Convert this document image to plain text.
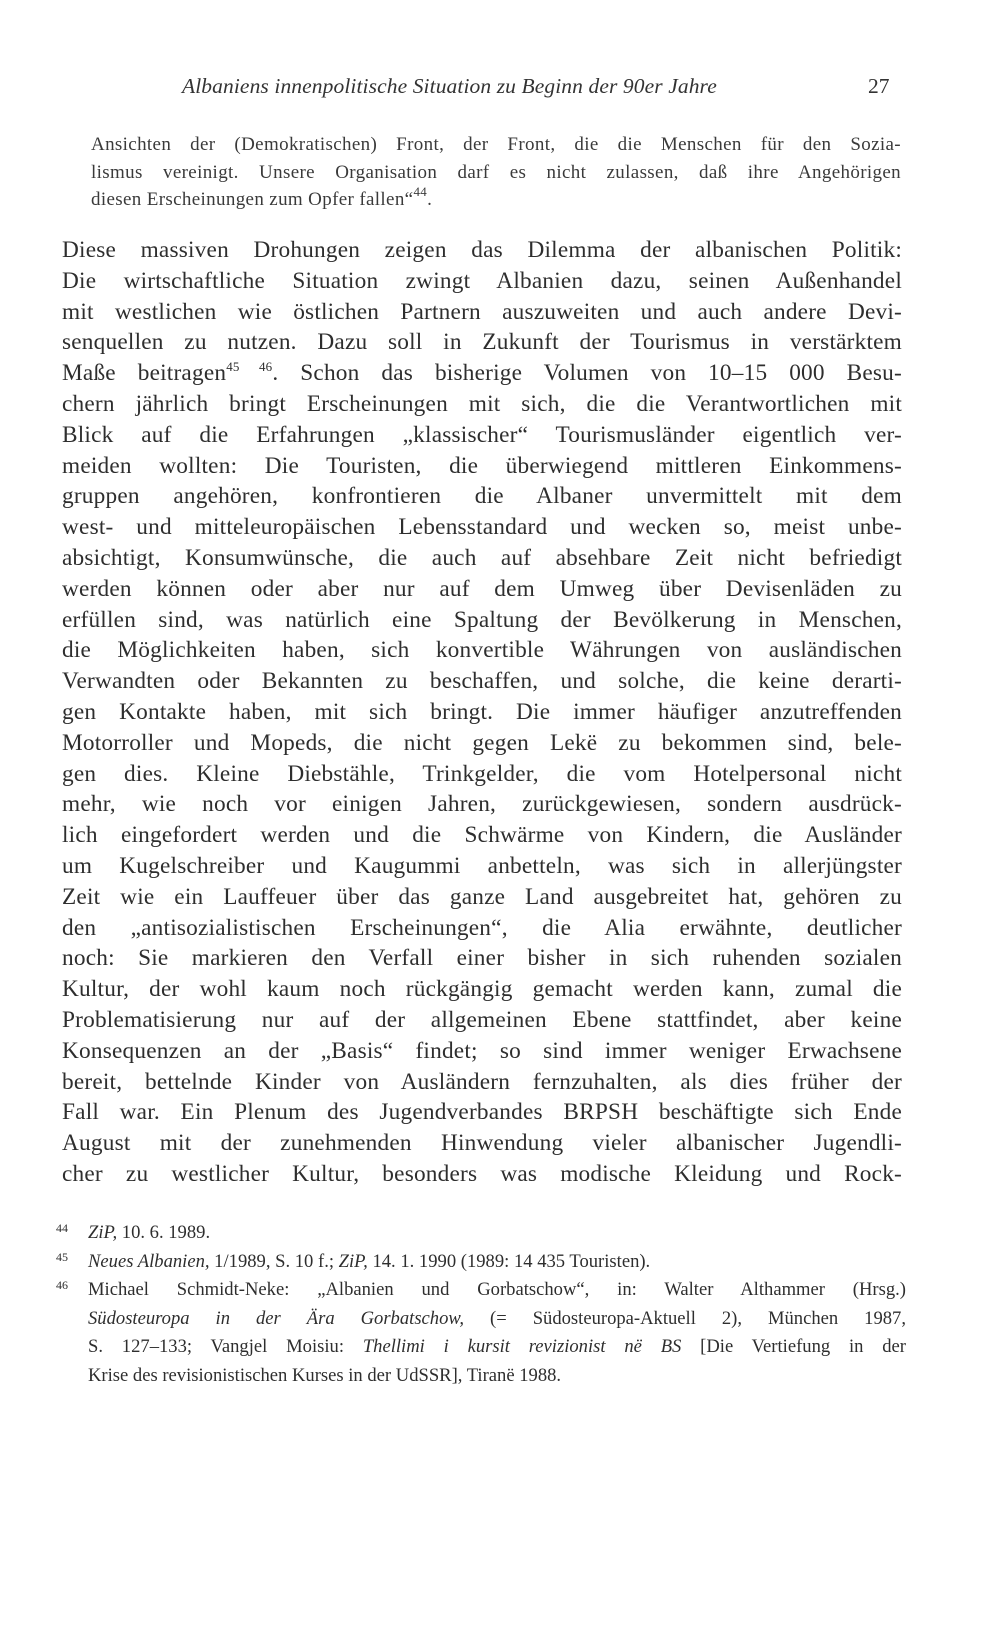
Albaniens innenpolitische Situation zu Beginn der 90er Jahre	27
Ansichten der (Demokratischen) Front, der Front, die die Menschen für den Sozia-
lismus vereinigt. Unsere Organisation darf es nicht zulassen, daß ihre Angehörigen
diesen Erscheinungen zum Opfer fallen“$^{44}$.
Diese massiven Drohungen zeigen das Dilemma der albanischen Politik:
Die wirtschaftliche Situation zwingt Albanien dazu, seinen Außenhandel
mit westlichen wie östlichen Partnern auszuweiten und auch andere Devi-
senquellen zu nutzen. Dazu soll in Zukunft der Tourismus in verstärktem
Maße beitragen$^{45 46}$. Schon das bisherige Volumen von 10–15 000 Besu-
chern jährlich bringt Erscheinungen mit sich, die die Verantwortlichen mit
Blick auf die Erfahrungen „klassischer“ Tourismusländer eigentlich ver-
meiden wollten: Die Touristen, die überwiegend mittleren Einkommens-
gruppen angehören, konfrontieren die Albaner unvermittelt mit dem
west- und mitteleuropäischen Lebensstandard und wecken so, meist unbe-
absichtigt, Konsumwünsche, die auch auf absehbare Zeit nicht befriedigt
werden können oder aber nur auf dem Umweg über Devisenläden zu
erfüllen sind, was natürlich eine Spaltung der Bevölkerung in Menschen,
die Möglichkeiten haben, sich konvertible Währungen von ausländischen
Verwandten oder Bekannten zu beschaffen, und solche, die keine derarti-
gen Kontakte haben, mit sich bringt. Die immer häufiger anzutreffenden
Motorroller und Mopeds, die nicht gegen Lekë zu bekommen sind, bele-
gen dies. Kleine Diebstähle, Trinkgelder, die vom Hotelpersonal nicht
mehr, wie noch vor einigen Jahren, zurückgewiesen, sondern ausdrück-
lich eingefordert werden und die Schwärme von Kindern, die Ausländer
um Kugelschreiber und Kaugummi anbetteln, was sich in allerjüngster
Zeit wie ein Lauffeuer über das ganze Land ausgebreitet hat, gehören zu
den „antisozialistischen Erscheinungen“, die Alia erwähnte, deutlicher
noch: Sie markieren den Verfall einer bisher in sich ruhenden sozialen
Kultur, der wohl kaum noch rückgängig gemacht werden kann, zumal die
Problematisierung nur auf der allgemeinen Ebene stattfindet, aber keine
Konsequenzen an der „Basis“ findet; so sind immer weniger Erwachsene
bereit, bettelnde Kinder von Ausländern fernzuhalten, als dies früher der
Fall war. Ein Plenum des Jugendverbandes BRPSH beschäftigte sich Ende
August mit der zunehmenden Hinwendung vieler albanischer Jugendli-
cher zu westlicher Kultur, besonders was modische Kleidung und Rock-
44 ZiP, 10. 6. 1989.
45 Neues Albanien, 1/1989, S. 10 f.; ZiP, 14. 1. 1990 (1989: 14 435 Touristen).
46 Michael Schmidt-Neke: „Albanien und Gorbatschow“, in: Walter Althammer (Hrsg.)
Südosteuropa in der Ära Gorbatschow, (= Südosteuropa-Aktuell 2), München 1987,
S. 127–133; Vangjel Moisiu: Thellimi i kursit revizionist në BS [Die Vertiefung in der
Krise des revisionistischen Kurses in der UdSSR], Tiranë 1988.
